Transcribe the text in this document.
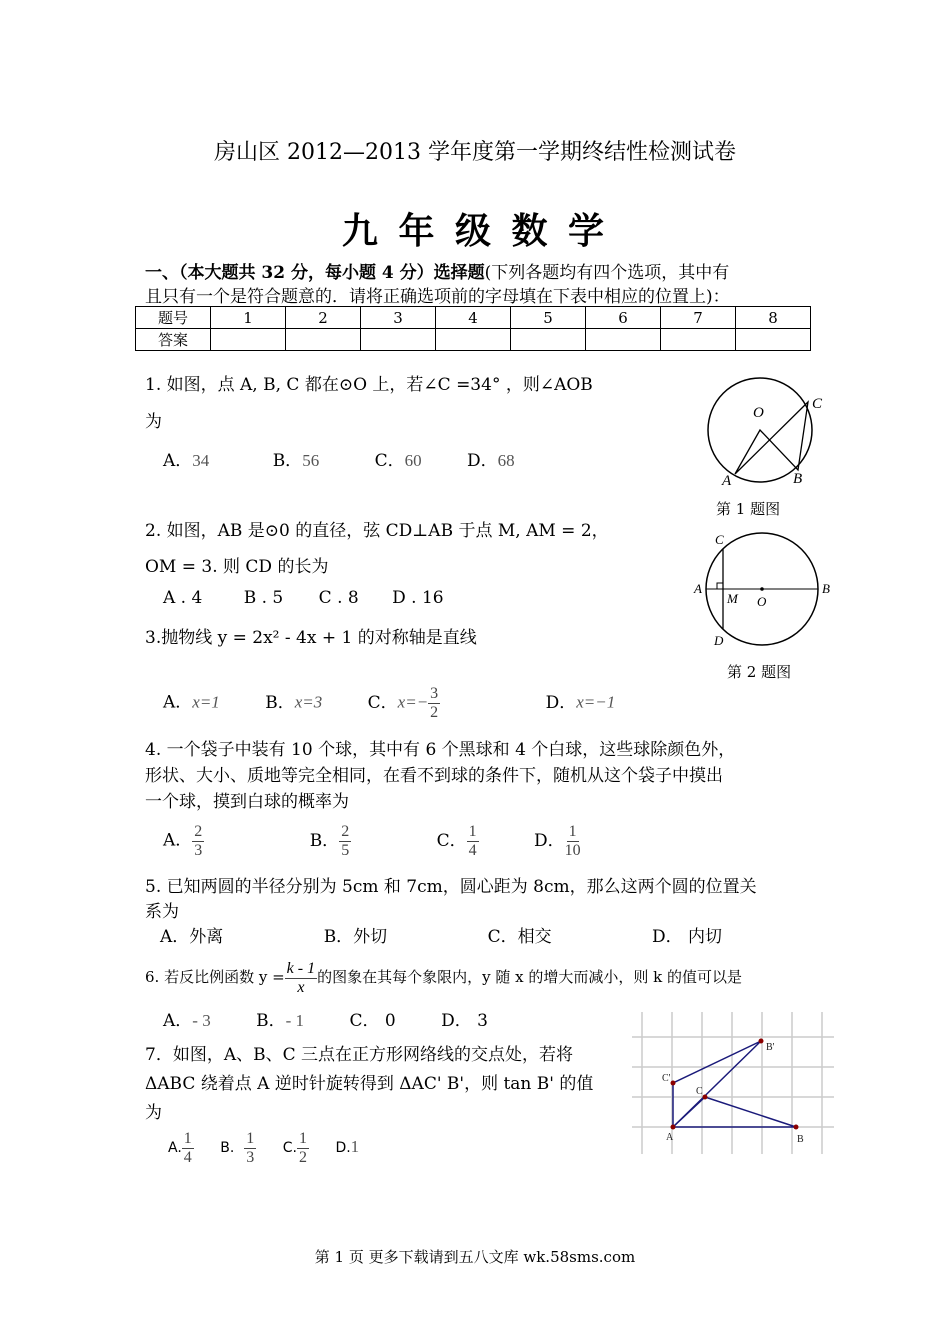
房山区 2012—2013 学年度第一学期终结性检测试卷
九 年 级 数 学
一、（本大题共 32 分，每小题 4 分）选择题(下列各题均有四个选项，其中有
且只有一个是符合题意的．请将正确选项前的字母填在下表中相应的位置上)：
题号	1	2	3	4	5	6	7	8
答案								
1. 如图，点 A, B, C 都在⊙O 上，若∠C =34° ，则∠AOB
为
A．34	B．56	C．60	D．68
O
C
A	B
第 1 题图
2. 如图，AB 是⊙0 的直径，弦 CD⊥AB 于点 M, AM = 2，
OM = 3. 则 CD 的长为
A . 4 B . 5 C . 8 D . 16
C
A
M O
B
D
第 2 题图
3.抛物线 y = 2x² - 4x + 1 的对称轴是直线
A．x=1	B．x=3	C．$x=- \frac{3}{2}$	D．x=−1
4. 一个袋子中装有 10 个球，其中有 6 个黑球和 4 个白球，这些球除颜色外，
形状、大小、质地等完全相同，在看不到球的条件下，随机从这个袋子中摸出
一个球，摸到白球的概率为
A． $\frac{2}{3}$	B． $\frac{2}{5}$	C． $\frac{1}{4}$	D． $\frac{1}{10}$
5. 已知两圆的半径分别为 5cm 和 7cm，圆心距为 8cm，那么这两个圆的位置关
系为
A．外离	B．外切	C．相交	D． 内切
6. 若反比例函数 $y = \frac{k - 1}{x}$ 的图象在其每个象限内，y 随 x 的增大而减小，则 k 的值可以是
A．- 3	B．- 1	C． 0	D． 3
7．如图，A、B、C 三点在正方形网络线的交点处，若将
ΔABC 绕着点 A 逆时针旋转得到 ΔAC' B'，则 tan B' 的值
为
A. $\frac{1}{4} B$. $\frac{1}{3} C$. $\frac{1}{2} D.1$
B'
C'
C
A	B
第 1 页 更多下载请到五八文库 wk.58sms.com
